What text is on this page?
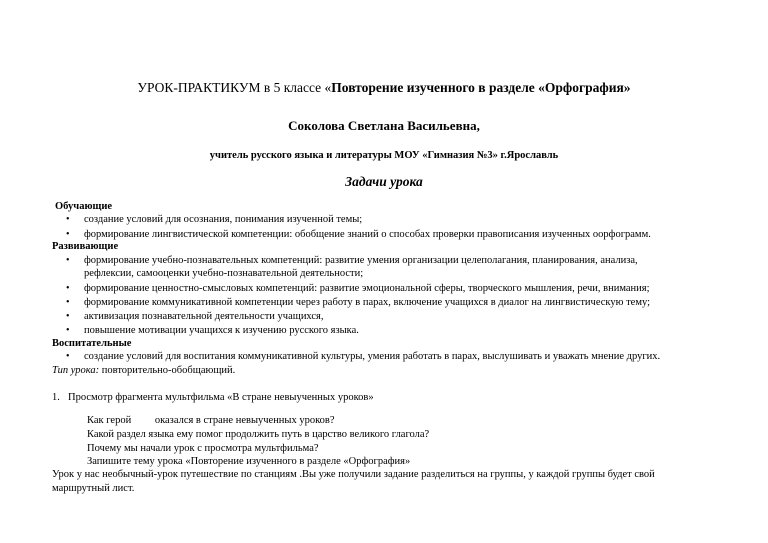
УРОК-ПРАКТИКУМ в 5 классе «Повторение изученного в разделе «Орфография»
Соколова Светлана Васильевна,
учитель русского языка и литературы МОУ «Гимназия №3» г.Ярославль
Задачи урока
Обучающие
• создание условий для осознания, понимания изученной темы;
• формирование лингвистической компетенции: обобщение знаний о способах проверки правописания изученных оорфограмм.
Развивающие
• формирование учебно-познавательных компетенций: развитие умения организации целеполагания, планирования, анализа,
рефлексии, самооценки учебно-познавательной деятельности;
• формирование ценностно-смысловых компетенций: развитие эмоциональной сферы, творческого мышления, речи, внимания;
• формирование коммуникативной компетенции через работу в парах, включение учащихся в диалог на лингвистическую тему;
• активизация познавательной деятельности учащихся,
• повышение мотивации учащихся к изучению русского языка.
Воспитательные
• создание условий для воспитания коммуникативной культуры, умения работать в парах, выслушивать и уважать мнение других.
Тип урока: повторительно-обобщающий.
1. Просмотр фрагмента мультфильма «В стране невыученных уроков»
Как герой         оказался в стране невыученных уроков?
Какой раздел языка ему помог продолжить путь в царство великого глагола?
Почему мы начали урок с просмотра мультфильма?
Запишите тему урока «Повторение изученного в разделе «Орфография»
Урок у нас необычный-урок путешествие по станциям .Вы уже получили задание разделиться на группы, у каждой группы будет свой
маршрутный лист.
